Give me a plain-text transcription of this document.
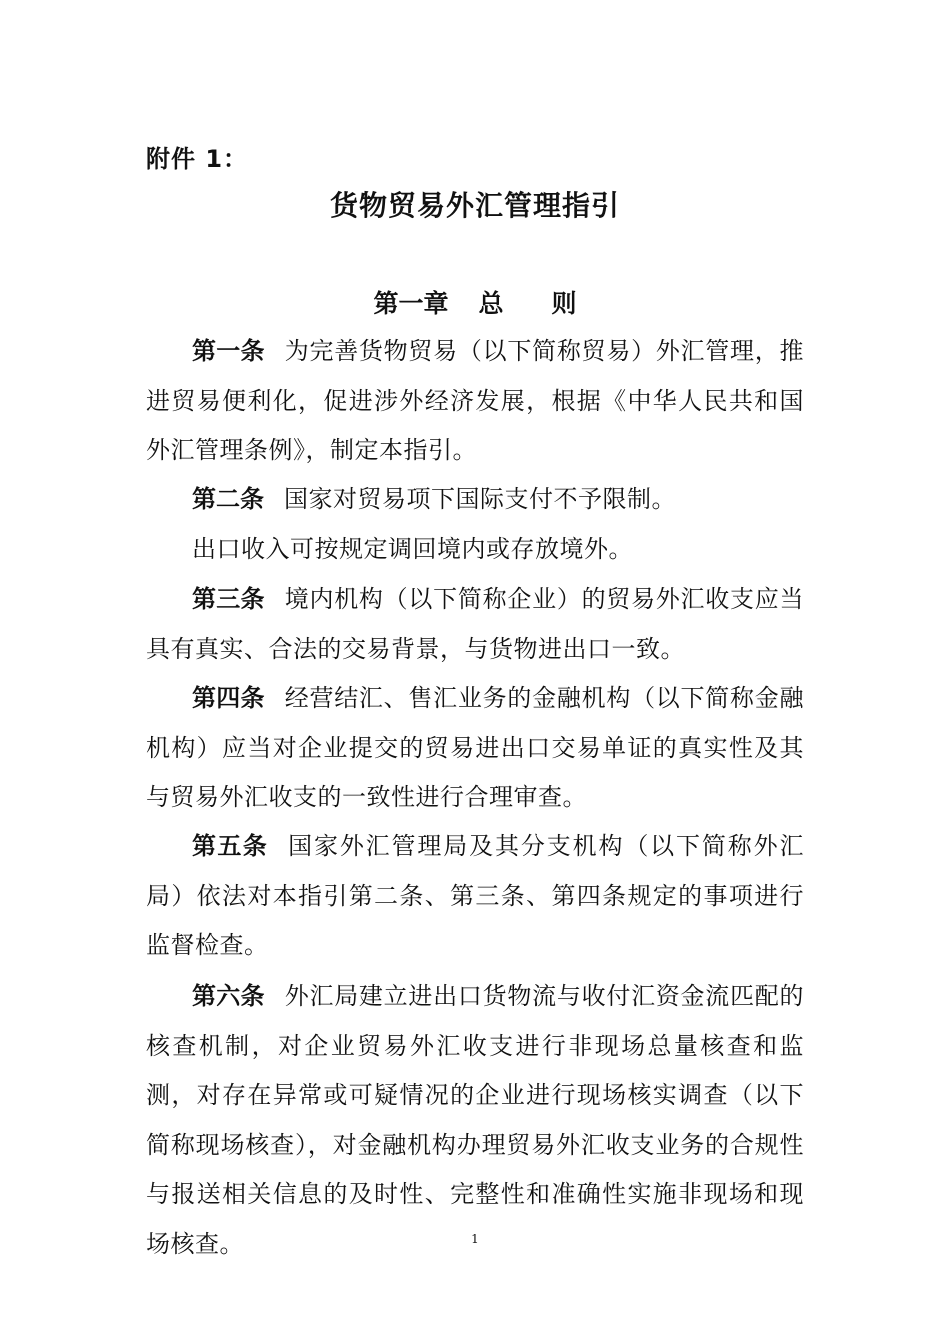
附件 1：
货物贸易外汇管理指引
第一章 总 则

第一条 为完善货物贸易（以下简称贸易）外汇管理，推进贸易便利化，促进涉外经济发展，根据《中华人民共和国外汇管理条例》，制定本指引。

第二条 国家对贸易项下国际支付不予限制。

出口收入可按规定调回境内或存放境外。

第三条 境内机构（以下简称企业）的贸易外汇收支应当具有真实、合法的交易背景，与货物进出口一致。

第四条 经营结汇、售汇业务的金融机构（以下简称金融机构）应当对企业提交的贸易进出口交易单证的真实性及其与贸易外汇收支的一致性进行合理审查。

第五条 国家外汇管理局及其分支机构（以下简称外汇局）依法对本指引第二条、第三条、第四条规定的事项进行监督检查。

第六条 外汇局建立进出口货物流与收付汇资金流匹配的核查机制，对企业贸易外汇收支进行非现场总量核查和监测，对存在异常或可疑情况的企业进行现场核实调查（以下简称现场核查），对金融机构办理贸易外汇收支业务的合规性与报送相关信息的及时性、完整性和准确性实施非现场和现场核查。	1
